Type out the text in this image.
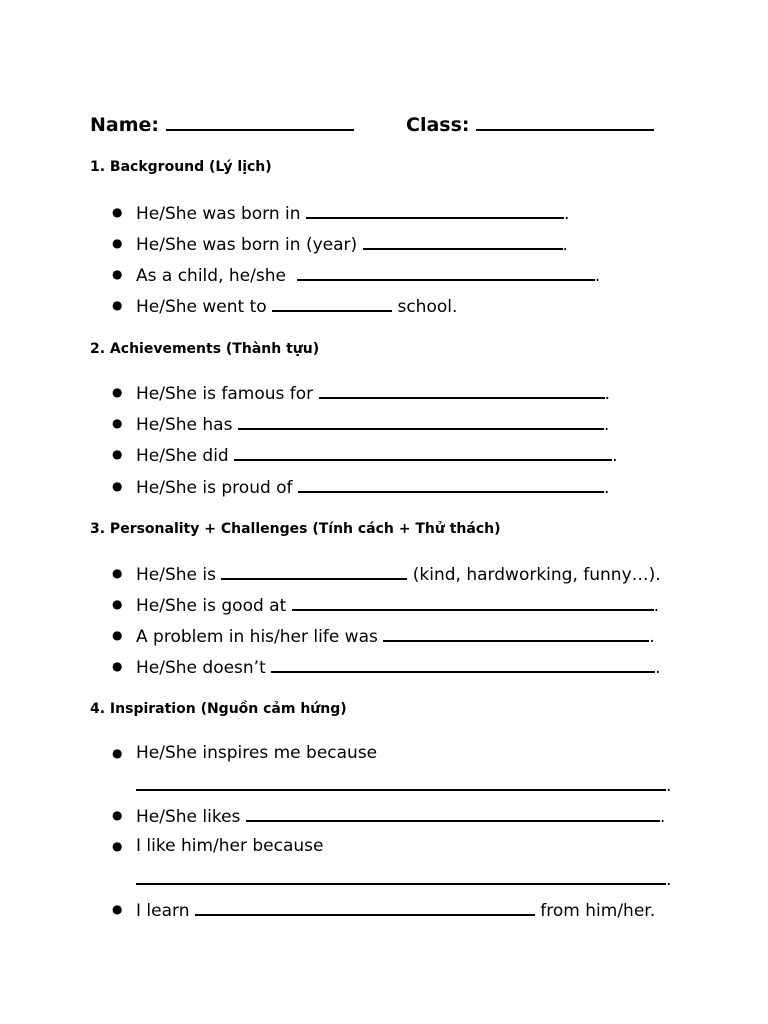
Name:	Class:
1. Background (Lý lịch)
● He/She was born in	.
● He/She was born in (year)	.
● As a child, he/she	.
● He/She went to	school.
2. Achievements (Thành tựu)
● He/She is famous for	.
● He/She has	.
● He/She did	.
● He/She is proud of	.
3. Personality + Challenges (Tính cách + Thử thách)
● He/She is	(kind, hardworking, funny…).
● He/She is good at	.
● A problem in his/her life was	.
● He/She doesn’t	.
4. Inspiration (Nguồn cảm hứng)
● He/She inspires me because
.
● He/She likes	.
● I like him/her because
.
● I learn	from him/her.
